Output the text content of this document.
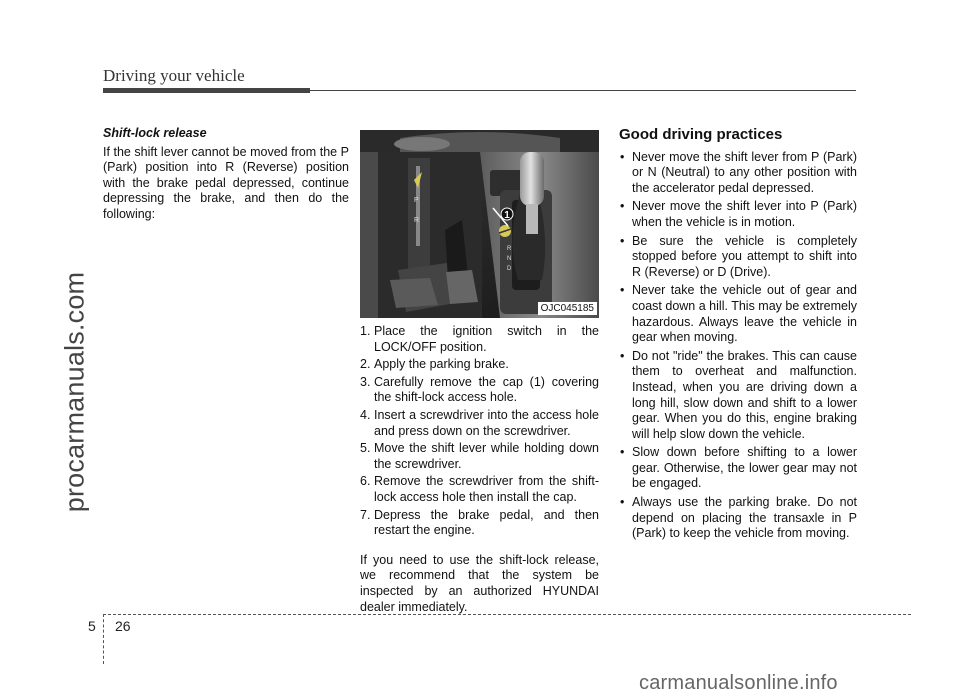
Driving your vehicle
procarmanuals.com

Shift-lock release

If the shift lever cannot be moved from the P (Park) position into R (Reverse) position with the brake pedal depressed, continue depressing the brake, and then do the following:	1
P
R
R
N
D
OJC045185
1. Place the ignition switch in the LOCK/OFF position.
2. Apply the parking brake.
3. Carefully remove the cap (1) covering the shift-lock access hole.
4. Insert a screwdriver into the access hole and press down on the screwdriver.
5. Move the shift lever while holding down the screwdriver.
6. Remove the screwdriver from the shift-lock access hole then install the cap.
7. Depress the brake pedal, and then restart the engine.

If you need to use the shift-lock release, we recommend that the system be inspected by an authorized HYUNDAI dealer immediately.

Good driving practices
• Never move the shift lever from P (Park) or N (Neutral) to any other position with the accelerator pedal depressed.
• Never move the shift lever into P (Park) when the vehicle is in motion.
• Be sure the vehicle is completely stopped before you attempt to shift into R (Reverse) or D (Drive).
• Never take the vehicle out of gear and coast down a hill. This may be extremely hazardous. Always leave the vehicle in gear when moving.
• Do not "ride" the brakes. This can cause them to overheat and malfunction. Instead, when you are driving down a long hill, slow down and shift to a lower gear. When you do this, engine braking will help slow down the vehicle.
• Slow down before shifting to a lower gear. Otherwise, the lower gear may not be engaged.
• Always use the parking brake. Do not depend on placing the transaxle in P (Park) to keep the vehicle from moving.
5 26
carmanualsonline.info
